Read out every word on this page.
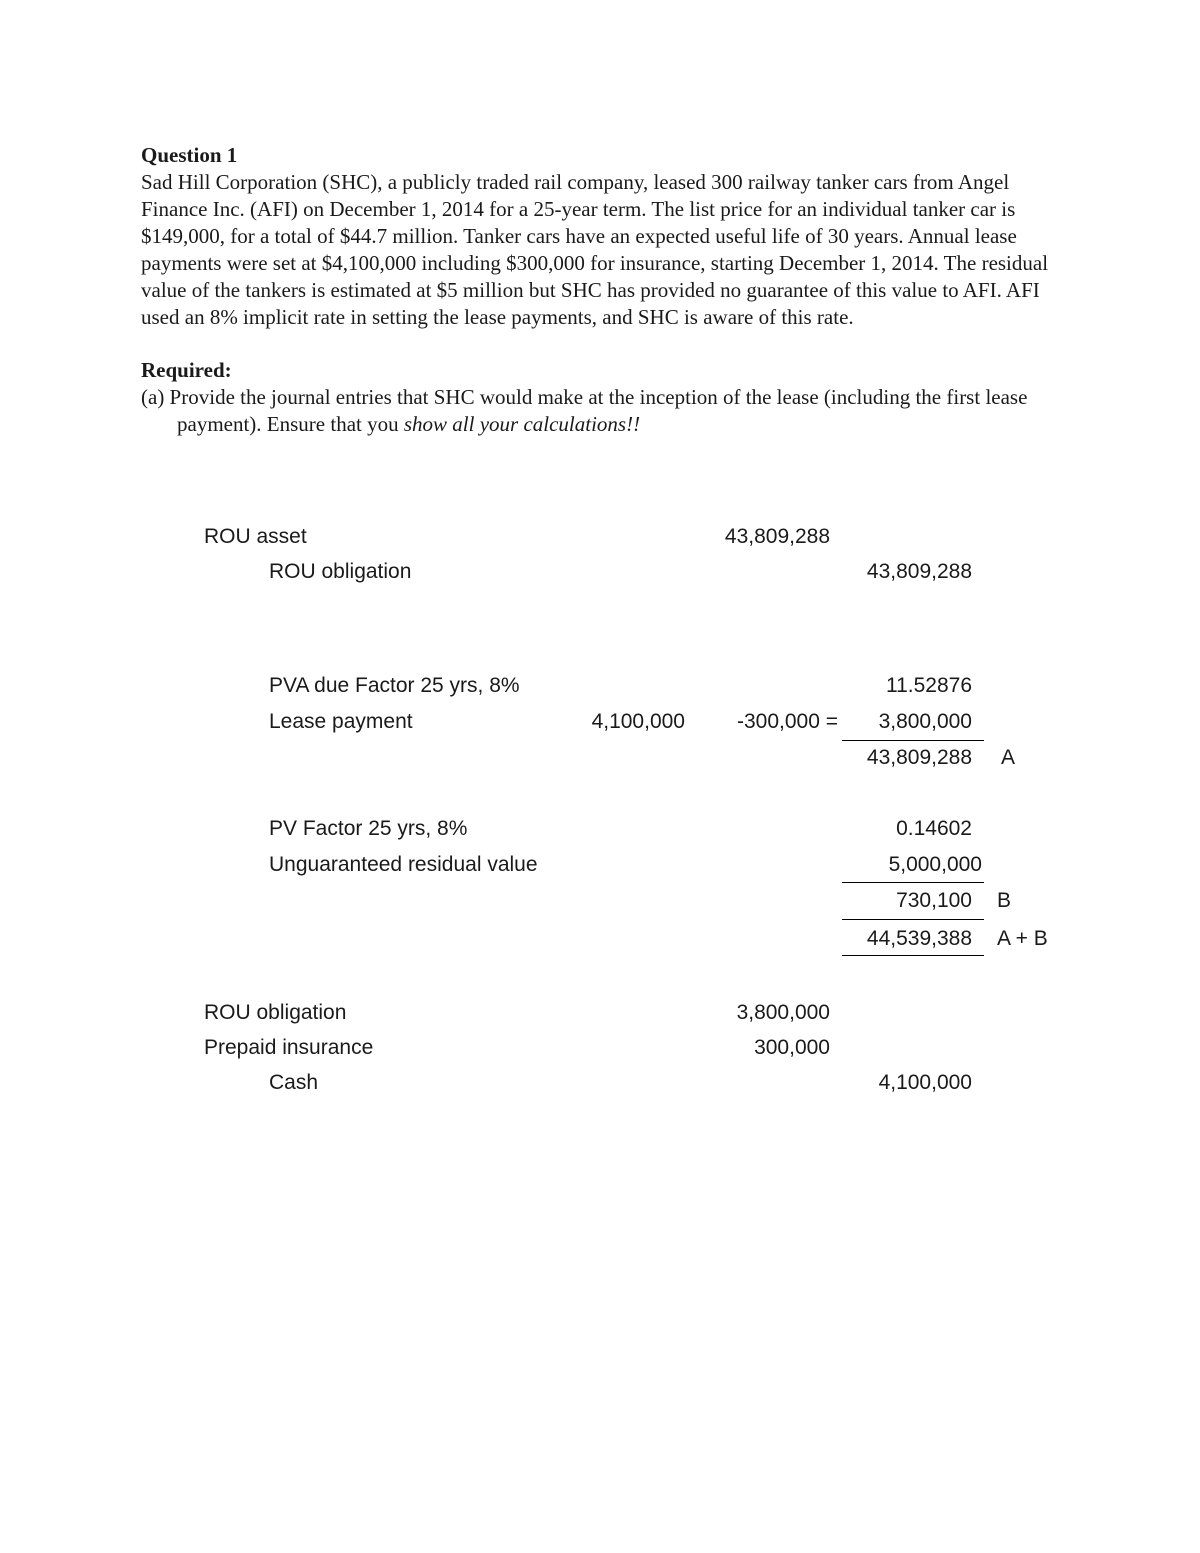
Question 1

Sad Hill Corporation (SHC), a publicly traded rail company, leased 300 railway tanker cars from Angel Finance Inc. (AFI) on December 1, 2014 for a 25-year term. The list price for an individual tanker car is $149,000, for a total of $44.7 million. Tanker cars have an expected useful life of 30 years. Annual lease payments were set at $4,100,000 including $300,000 for insurance, starting December 1, 2014. The residual value of the tankers is estimated at $5 million but SHC has provided no guarantee of this value to AFI. AFI used an 8% implicit rate in setting the lease payments, and SHC is aware of this rate.

Required:

(a) Provide the journal entries that SHC would make at the inception of the lease (including the first lease payment). Ensure that you show all your calculations!!

ROU asset	43,809,288
ROU obligation	43,809,288
PVA due Factor 25 yrs, 8%	11.52876
Lease payment	4,100,000	-300,000 =	3,800,000
43,809,288 A
PV Factor 25 yrs, 8%	0.14602
Unguaranteed residual value	5,000,000
730,100 B
44,539,388 A + B
ROU obligation	3,800,000
Prepaid insurance	300,000
Cash	4,100,000
